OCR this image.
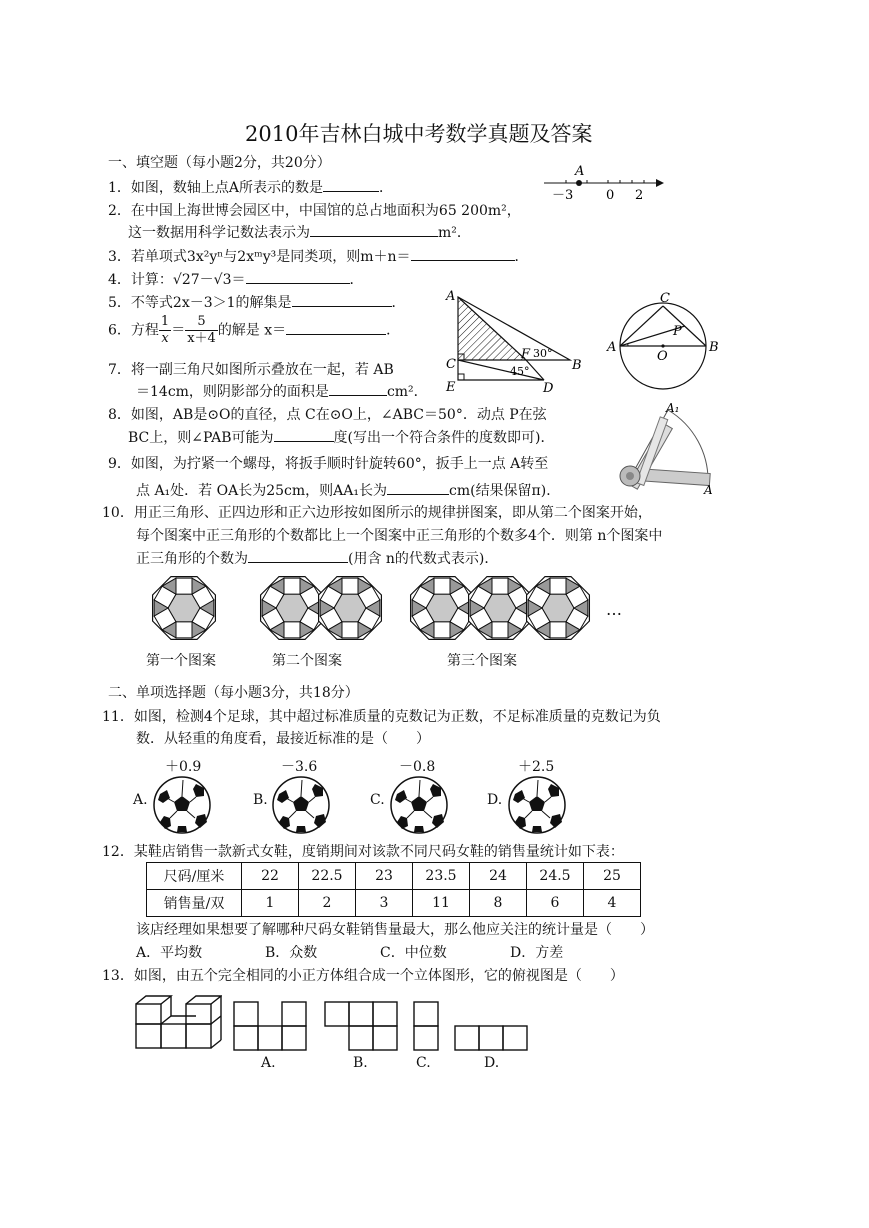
2010年吉林白城中考数学真题及答案
一、填空题（每小题2分，共20分）
1．如图，数轴上点A所表示的数是	．
A
－3	0 2
2．在中国上海世博会园区中，中国馆的总占地面积为65 200m²，
这一数据用科学记数法表示为	m²．
3．若单项式3x²yⁿ与2xᵐy³是同类项，则m＋n＝	．
4．计算：√27－√3＝	．
5．不等式2x－3＞1的解集是	．
6．方程 $\frac{1}{x} = \frac{5}{x+4}$ 的解是 x＝	．
7．将一副三角尺如图所示叠放在一起，若 AB
＝14cm，则阴影部分的面积是	cm²．
A
B
C
D
E
F 30°
45°
A	B
C
P
O
8．如图，AB是⊙O的直径，点 C在⊙O上，∠ABC＝50°．动点 P在弦
BC上，则∠PAB可能为	度(写出一个符合条件的度数即可)．
A₁
A
9．如图，为拧紧一个螺母，将扳手顺时针旋转60°，扳手上一点 A转至
点 A₁处．若 OA长为25cm，则AA₁长为	cm(结果保留π)．
10．用正三角形、正四边形和正六边形按如图所示的规律拼图案，即从第二个图案开始，
每个图案中正三角形的个数都比上一个图案中正三角形的个数多4个．则第 n个图案中
正三角形的个数为	(用含 n的代数式表示)．
…
第一个图案	第二个图案	第三个图案
二、单项选择题（每小题3分，共18分）
11．如图，检测4个足球，其中超过标准质量的克数记为正数，不足标准质量的克数记为负
数．从轻重的角度看，最接近标准的是（　　）
＋0.9
A.
－3.6
B.
－0.8
C.
＋2.5
D.
12．某鞋店销售一款新式女鞋，度销期间对该款不同尺码女鞋的销售量统计如下表：
尺码/厘米	22	22.5	23	23.5	24	24.5	25
销售量/双	1	2	3	11	8	6	4
该店经理如果想要了解哪种尺码女鞋销售量最大，那么他应关注的统计量是（　　）
A．平均数	B．众数	C．中位数	D．方差
13．如图，由五个完全相同的小正方体组合成一个立体图形，它的俯视图是（　　）
A.	B.	C.	D.
